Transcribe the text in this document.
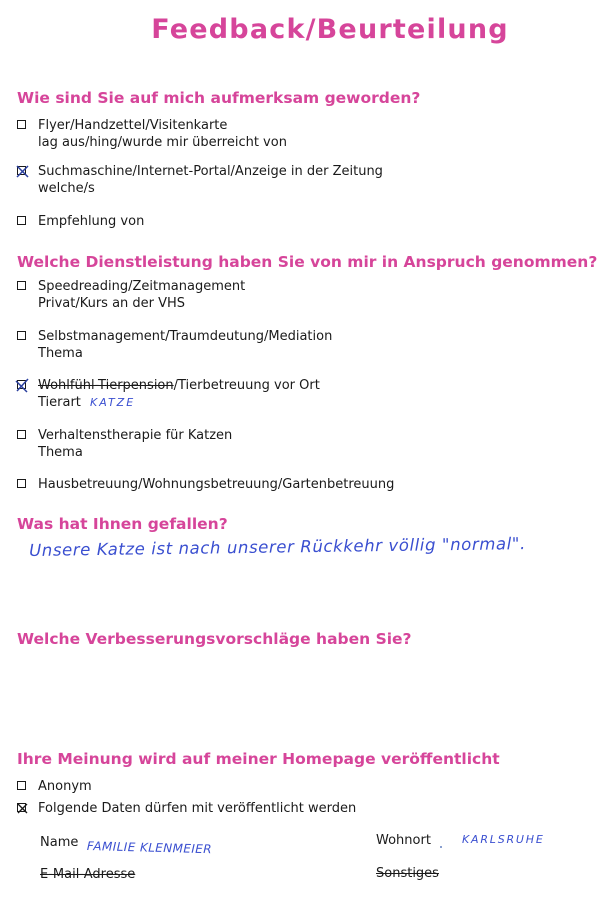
Feedback/Beurteilung
Wie sind Sie auf mich aufmerksam geworden?
Flyer/Handzettel/Visitenkarte
lag aus/hing/wurde mir überreicht von
Suchmaschine/Internet-Portal/Anzeige in der Zeitung
welche/s
Empfehlung von
Welche Dienstleistung haben Sie von mir in Anspruch genommen?
Speedreading/Zeitmanagement
Privat/Kurs an der VHS
Selbstmanagement/Traumdeutung/Mediation
Thema
Wohlfühl-Tierpension/Tierbetreuung vor Ort
Tierart KATZE
Verhaltenstherapie für Katzen
Thema
Hausbetreuung/Wohnungsbetreuung/Gartenbetreuung
Was hat Ihnen gefallen?
Unsere Katze ist nach unserer Rückkehr völlig "normal".
Welche Verbesserungsvorschläge haben Sie?
Ihre Meinung wird auf meiner Homepage veröffentlicht
Anonym
Folgende Daten dürfen mit veröffentlicht werden
Name FAMILIE KLENMEIER	Wohnort	KARLSRUHE
E-Mail-Adresse	Sonstiges
